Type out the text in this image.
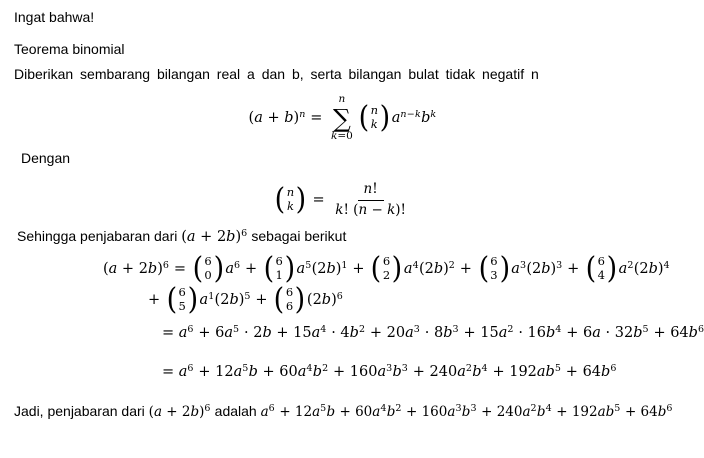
Ingat bahwa!

Teorema binomial

Diberikan sembarang bilangan real a dan b, serta bilangan bulat tidak negatif n

$(a + b)^n$ =
n
∑
k=0
( n
k ) $a^{n-k}b^k$

Dengan

( n
k ) = $\frac{n!}{k! (n - k)!}$

Sehingga penjabaran dari $(a + 2b)^6$ sebagai berikut

$(a + 2b)^6$ = ( 6
0 ) $a^6$ + ( 6
1 ) $a^5(2b)^1$ + ( 6
2 ) $a^4(2b)^2$ + ( 6
3 ) $a^3(2b)^3$ + ( 6
4 ) $a^2(2b)^4$
+ ( 6
5 ) $a^1(2b)^5$ + ( 6
6 ) $(2b)^6$
= $a^6 + 6a^5 \cdot 2b + 15a^4 \cdot 4b^2 + 20a^3 \cdot 8b^3 + 15a^2 \cdot 16b^4 + 6a \cdot 32b^5 + 64b^6$
= $a^6 + 12a^5b + 60a^4b^2 + 160a^3b^3 + 240a^2b^4 + 192ab^5 + 64b^6$

Jadi, penjabaran dari $(a + 2b)^6$ adalah $a^6 + 12a^5b + 60a^4b^2 + 160a^3b^3 + 240a^2b^4 + 192ab^5 + 64b^6$
